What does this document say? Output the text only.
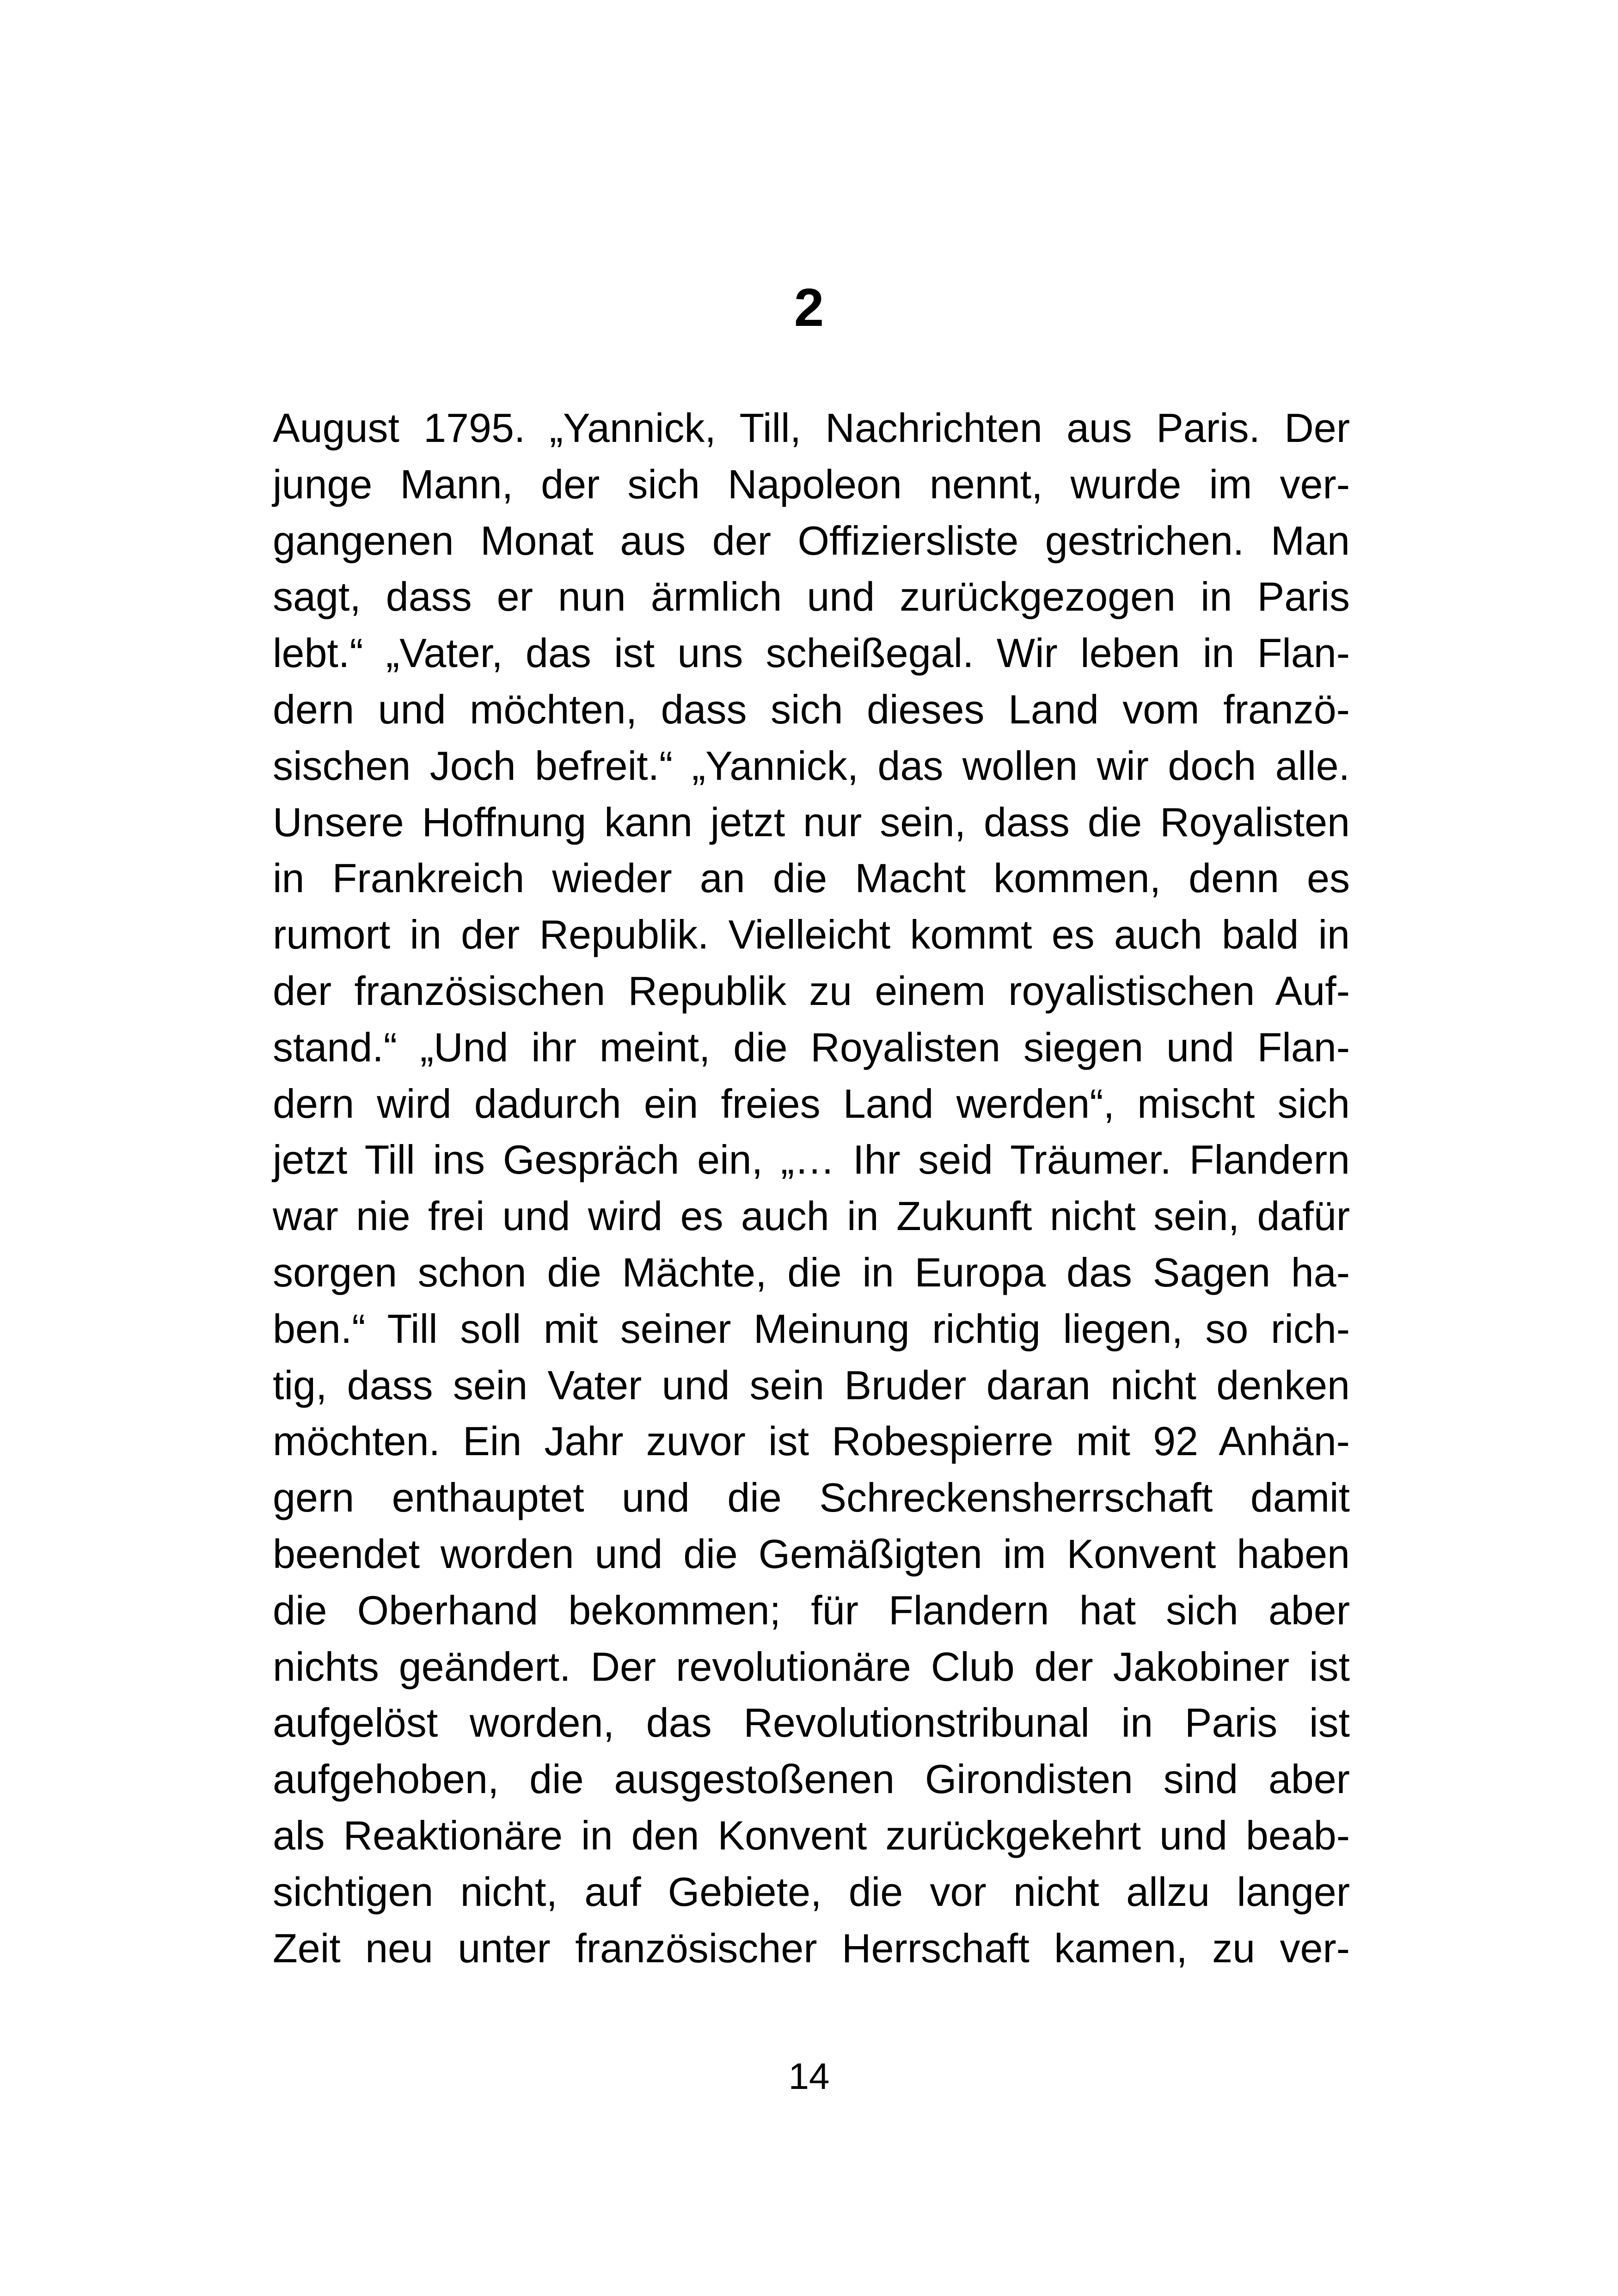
2
August 1795. „Yannick, Till, Nachrichten aus Paris. Der
junge Mann, der sich Napoleon nennt, wurde im ver-
gangenen Monat aus der Offiziersliste gestrichen. Man
sagt, dass er nun ärmlich und zurückgezogen in Paris
lebt.“ „Vater, das ist uns scheißegal. Wir leben in Flan-
dern und möchten, dass sich dieses Land vom franzö-
sischen Joch befreit.“ „Yannick, das wollen wir doch alle.
Unsere Hoffnung kann jetzt nur sein, dass die Royalisten
in Frankreich wieder an die Macht kommen, denn es
rumort in der Republik. Vielleicht kommt es auch bald in
der französischen Republik zu einem royalistischen Auf-
stand.“ „Und ihr meint, die Royalisten siegen und Flan-
dern wird dadurch ein freies Land werden“, mischt sich
jetzt Till ins Gespräch ein, „… Ihr seid Träumer. Flandern
war nie frei und wird es auch in Zukunft nicht sein, dafür
sorgen schon die Mächte, die in Europa das Sagen ha-
ben.“ Till soll mit seiner Meinung richtig liegen, so rich-
tig, dass sein Vater und sein Bruder daran nicht denken
möchten. Ein Jahr zuvor ist Robespierre mit 92 Anhän-
gern enthauptet und die Schreckensherrschaft damit
beendet worden und die Gemäßigten im Konvent haben
die Oberhand bekommen; für Flandern hat sich aber
nichts geändert. Der revolutionäre Club der Jakobiner ist
aufgelöst worden, das Revolutionstribunal in Paris ist
aufgehoben, die ausgestoßenen Girondisten sind aber
als Reaktionäre in den Konvent zurückgekehrt und beab-
sichtigen nicht, auf Gebiete, die vor nicht allzu langer
Zeit neu unter französischer Herrschaft kamen, zu ver-
14
